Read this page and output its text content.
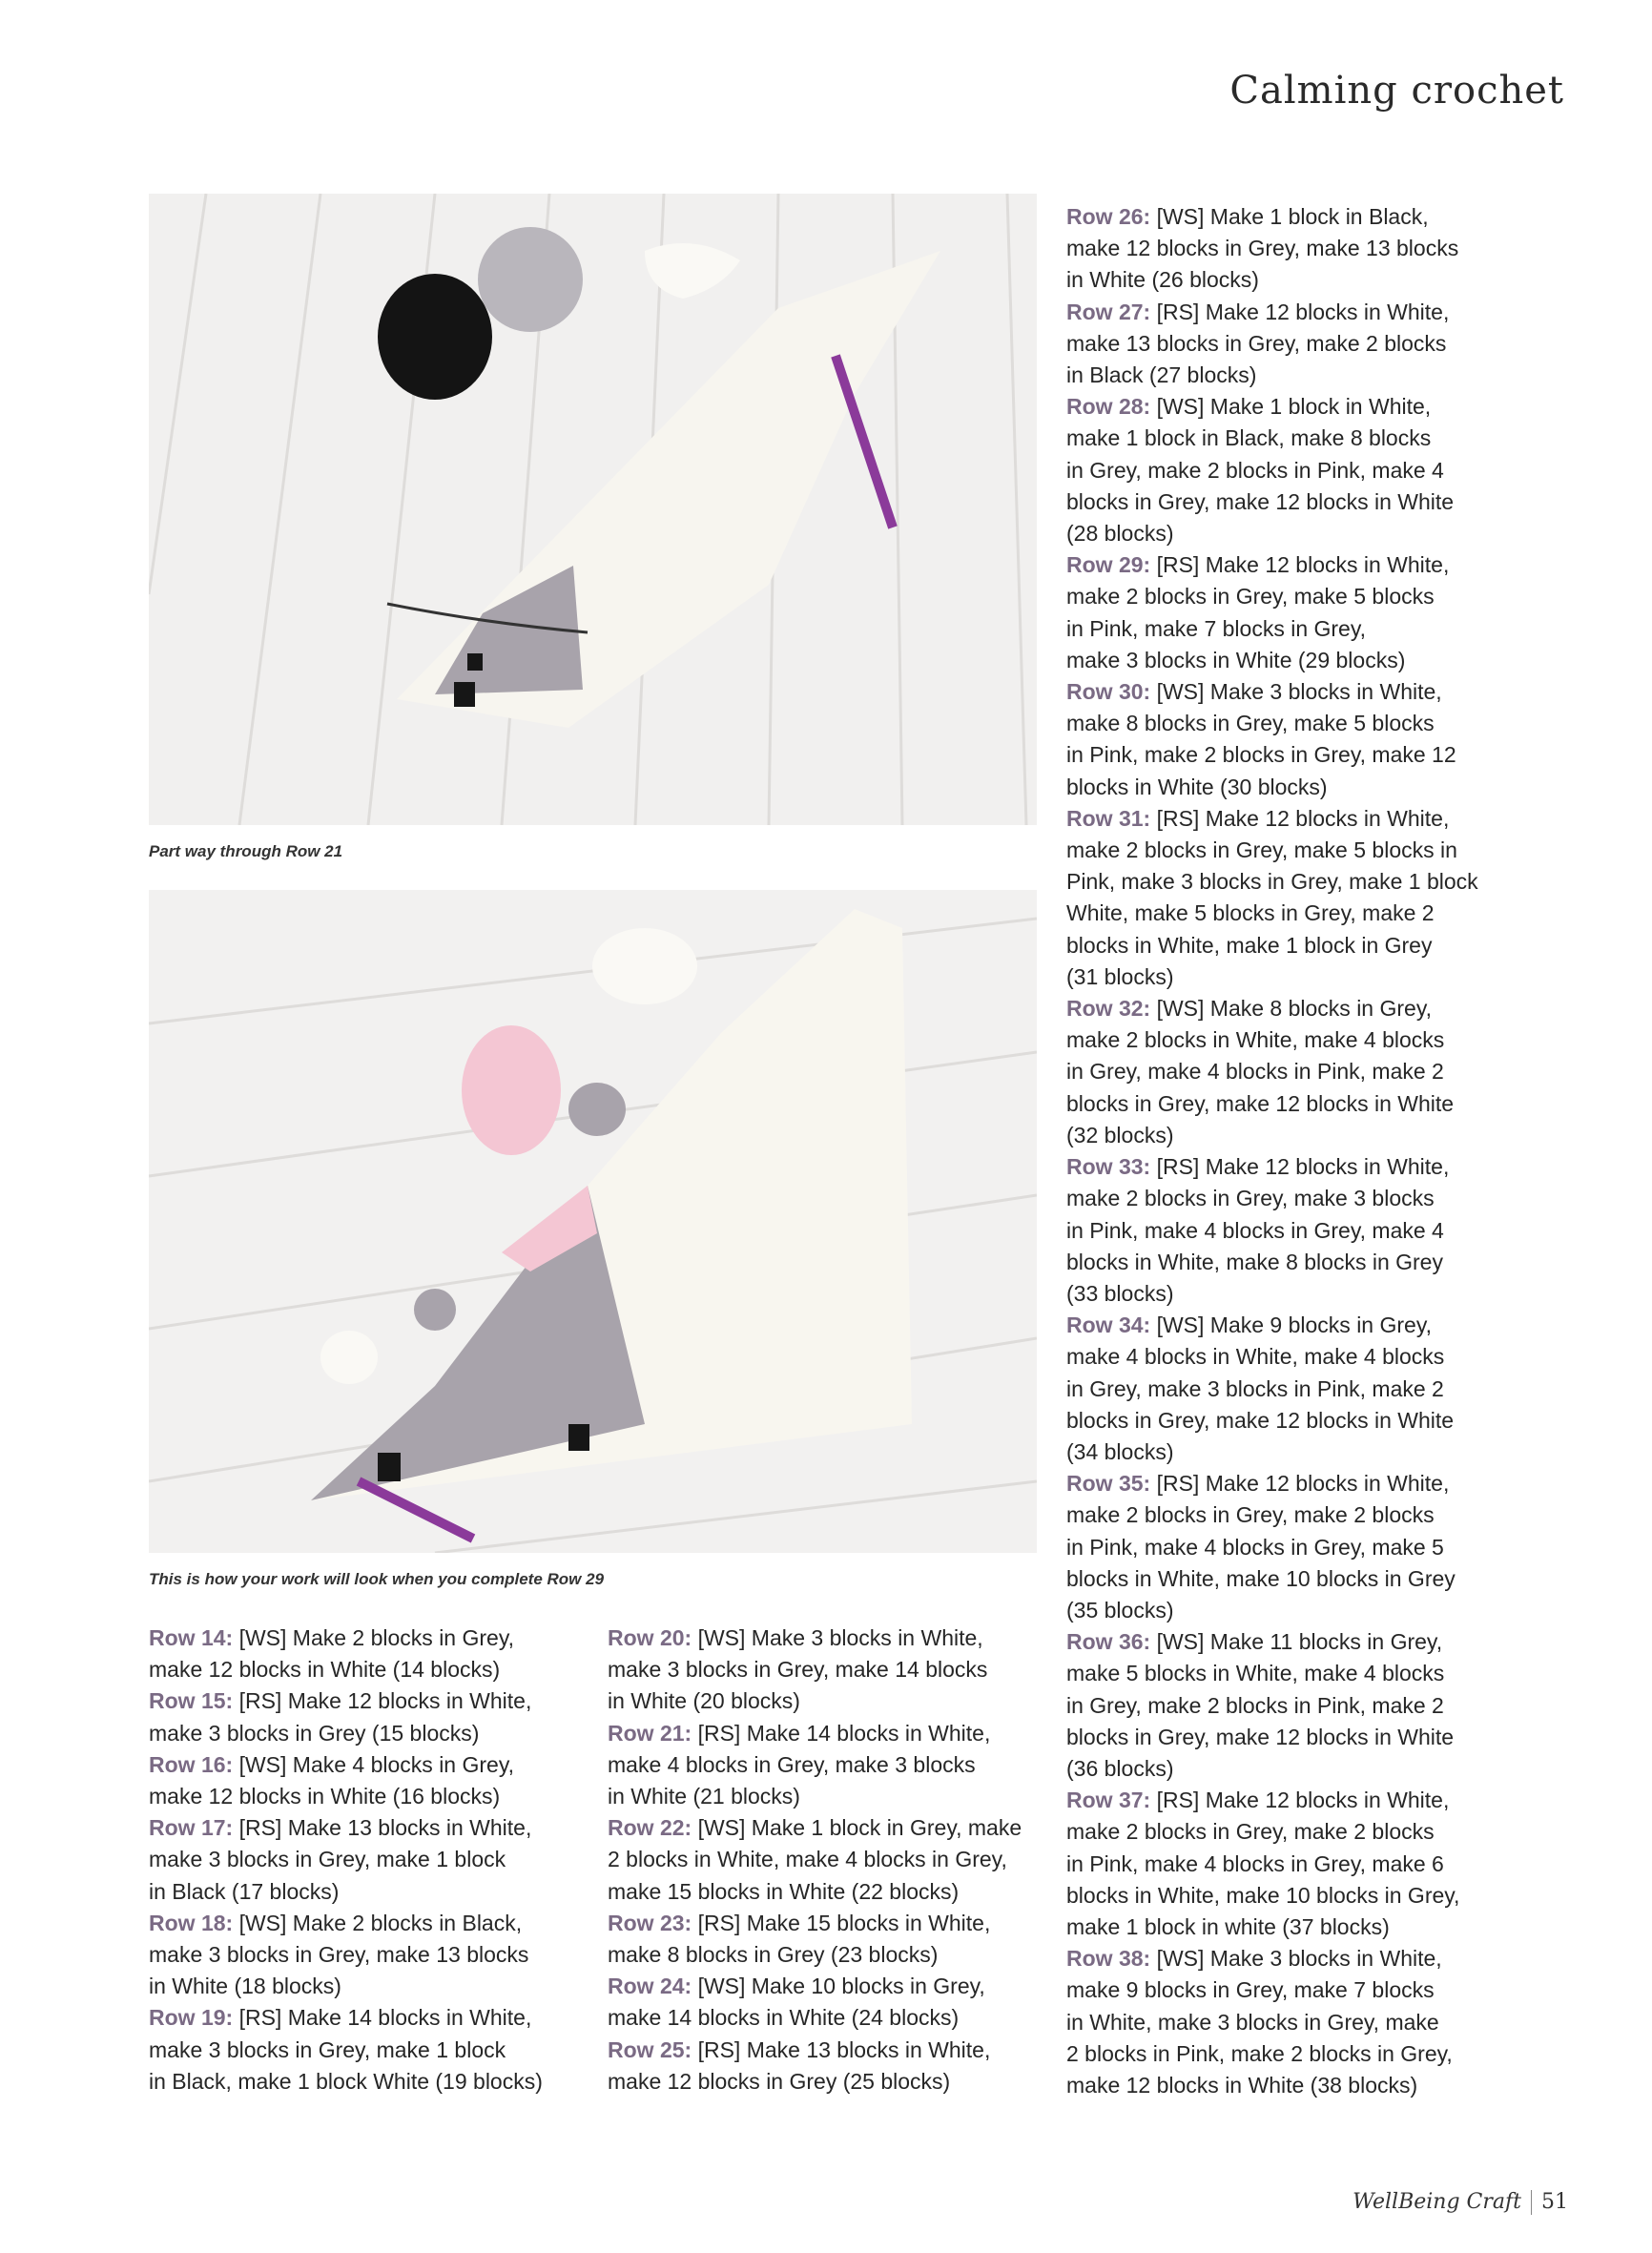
Calming crochet
Part way through Row 21
This is how your work will look when you complete Row 29
Row 14: [WS] Make 2 blocks in Grey,
make 12 blocks in White (14 blocks)
Row 15: [RS] Make 12 blocks in White,
make 3 blocks in Grey (15 blocks)
Row 16: [WS] Make 4 blocks in Grey,
make 12 blocks in White (16 blocks)
Row 17: [RS] Make 13 blocks in White,
make 3 blocks in Grey, make 1 block
in Black (17 blocks)
Row 18: [WS] Make 2 blocks in Black,
make 3 blocks in Grey, make 13 blocks
in White (18 blocks)
Row 19: [RS] Make 14 blocks in White,
make 3 blocks in Grey, make 1 block
in Black, make 1 block White (19 blocks)
Row 20: [WS] Make 3 blocks in White,
make 3 blocks in Grey, make 14 blocks
in White (20 blocks)
Row 21: [RS] Make 14 blocks in White,
make 4 blocks in Grey, make 3 blocks
in White (21 blocks)
Row 22: [WS] Make 1 block in Grey, make
2 blocks in White, make 4 blocks in Grey,
make 15 blocks in White (22 blocks)
Row 23: [RS] Make 15 blocks in White,
make 8 blocks in Grey (23 blocks)
Row 24: [WS] Make 10 blocks in Grey,
make 14 blocks in White (24 blocks)
Row 25: [RS] Make 13 blocks in White,
make 12 blocks in Grey (25 blocks)
Row 26: [WS] Make 1 block in Black,
make 12 blocks in Grey, make 13 blocks
in White (26 blocks)
Row 27: [RS] Make 12 blocks in White,
make 13 blocks in Grey, make 2 blocks
in Black (27 blocks)
Row 28: [WS] Make 1 block in White,
make 1 block in Black, make 8 blocks
in Grey, make 2 blocks in Pink, make 4
blocks in Grey, make 12 blocks in White
(28 blocks)
Row 29: [RS] Make 12 blocks in White,
make 2 blocks in Grey, make 5 blocks
in Pink, make 7 blocks in Grey,
make 3 blocks in White (29 blocks)
Row 30: [WS] Make 3 blocks in White,
make 8 blocks in Grey, make 5 blocks
in Pink, make 2 blocks in Grey, make 12
blocks in White (30 blocks)
Row 31: [RS] Make 12 blocks in White,
make 2 blocks in Grey, make 5 blocks in
Pink, make 3 blocks in Grey, make 1 block
White, make 5 blocks in Grey, make 2
blocks in White, make 1 block in Grey
(31 blocks)
Row 32: [WS] Make 8 blocks in Grey,
make 2 blocks in White, make 4 blocks
in Grey, make 4 blocks in Pink, make 2
blocks in Grey, make 12 blocks in White
(32 blocks)
Row 33: [RS] Make 12 blocks in White,
make 2 blocks in Grey, make 3 blocks
in Pink, make 4 blocks in Grey, make 4
blocks in White, make 8 blocks in Grey
(33 blocks)
Row 34: [WS] Make 9 blocks in Grey,
make 4 blocks in White, make 4 blocks
in Grey, make 3 blocks in Pink, make 2
blocks in Grey, make 12 blocks in White
(34 blocks)
Row 35: [RS] Make 12 blocks in White,
make 2 blocks in Grey, make 2 blocks
in Pink, make 4 blocks in Grey, make 5
blocks in White, make 10 blocks in Grey
(35 blocks)
Row 36: [WS] Make 11 blocks in Grey,
make 5 blocks in White, make 4 blocks
in Grey, make 2 blocks in Pink, make 2
blocks in Grey, make 12 blocks in White
(36 blocks)
Row 37: [RS] Make 12 blocks in White,
make 2 blocks in Grey, make 2 blocks
in Pink, make 4 blocks in Grey, make 6
blocks in White, make 10 blocks in Grey,
make 1 block in white (37 blocks)
Row 38: [WS] Make 3 blocks in White,
make 9 blocks in Grey, make 7 blocks
in White, make 3 blocks in Grey, make
2 blocks in Pink, make 2 blocks in Grey,
make 12 blocks in White (38 blocks)
WellBeing Craft 51
